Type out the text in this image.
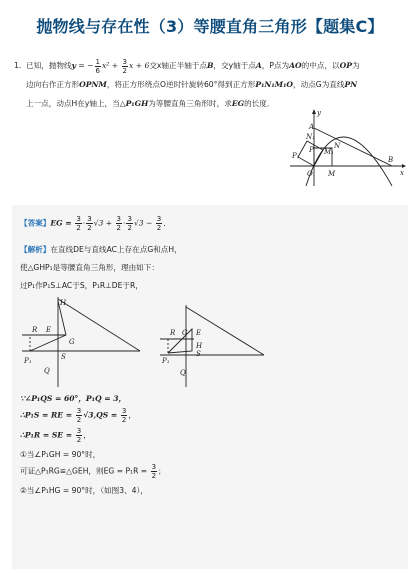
抛物线与存在性（3）等腰直角三角形【题集C】
1. 已知，抛物线y = − $\frac{1}{6} x^2 + \frac{3}{2}$ x + 6交x轴正半轴于点B，交y轴于点A，P点为AO的中点，以OP为
边向右作正方形OPNM，将正方形绕点O逆时针旋转60°得到正方形P₁N₁M₁O，动点G为直线PN
上一点，动点H在y轴上，当△P₁GH为等腰直角三角形时，求EG的长度．
y
A
N₁
P	N
M₁
P₁	B
O M	x
【答案】EG = $\frac{3}{2} \cdot \frac{3}{2} √3 + \frac{3}{2} \cdot \frac{3}{2} √3 - \frac{3}{2}$ ．
【解析】在直线DE与直线AC上存在点G和点H，
使△GHP₁是等腰直角三角形，理由如下：
过P₁作P₁S⊥AC于S，P₁R⊥DE于R，
H
R E
G
S
P₁
Q
R G E
H
S
P₁
Q
∵∠P₁QS = 60°，P₁Q = 3，
∴P₁S = RE = $\frac{3}{2} √3,QS = \frac{3}{2}$ ，
∴P₁R = SE = $\frac{3}{2}$ ，
①当∠P₁GH = 90°时，
可证△P₁RG≌△GEH，则EG = $P_1R = \frac{3}{2}$ ；
②当∠P₁HG = 90°时，（如图3、4），
